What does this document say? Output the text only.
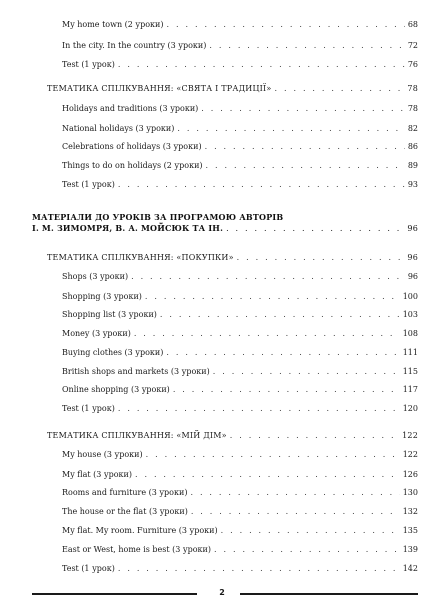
My home town (2 уроки) . . .	68
In the city. In the country (3 уроки) . . .	72
Test (1 урок) . . .	76
ТЕМАТИКА СПІЛКУВАННЯ: «СВЯТА І ТРАДИЦІЇ» . . .	78
Holidays and traditions (3 уроки) . . .	78
National holidays (3 уроки) . . .	82
Celebrations of holidays (3 уроки) . . .	86
Things to do on holidays (2 уроки) . . .	89
Test (1 урок) . . .	93
МАТЕРІАЛИ ДО УРОКІВ ЗА ПРОГРАМОЮ АВТОРІВ
І. М. ЗИМОМРЯ, В. А. МОЙСЮК ТА ІН. . . .	96
ТЕМАТИКА СПІЛКУВАННЯ: «ПОКУПКИ» . . .	96
Shops (3 уроки) . . .	96
Shopping (3 уроки) . . .	100
Shopping list (3 уроки) . . .	103
Money (3 уроки) . . .	108
Buying clothes (3 уроки) . . .	111
British shops and markets (3 уроки) . . .	115
Online shopping (3 уроки) . . .	117
Test (1 урок) . . .	120
ТЕМАТИКА СПІЛКУВАННЯ: «МІЙ ДІМ» . . .	122
My house (3 уроки) . . .	122
My flat (3 уроки) . . .	126
Rooms and furniture (3 уроки) . . .	130
The house or the flat (3 уроки) . . .	132
My flat. My room. Furniture (3 уроки) . . .	135
East or West, home is best (3 уроки) . . .	139
Test (1 урок) . . .	142
2
